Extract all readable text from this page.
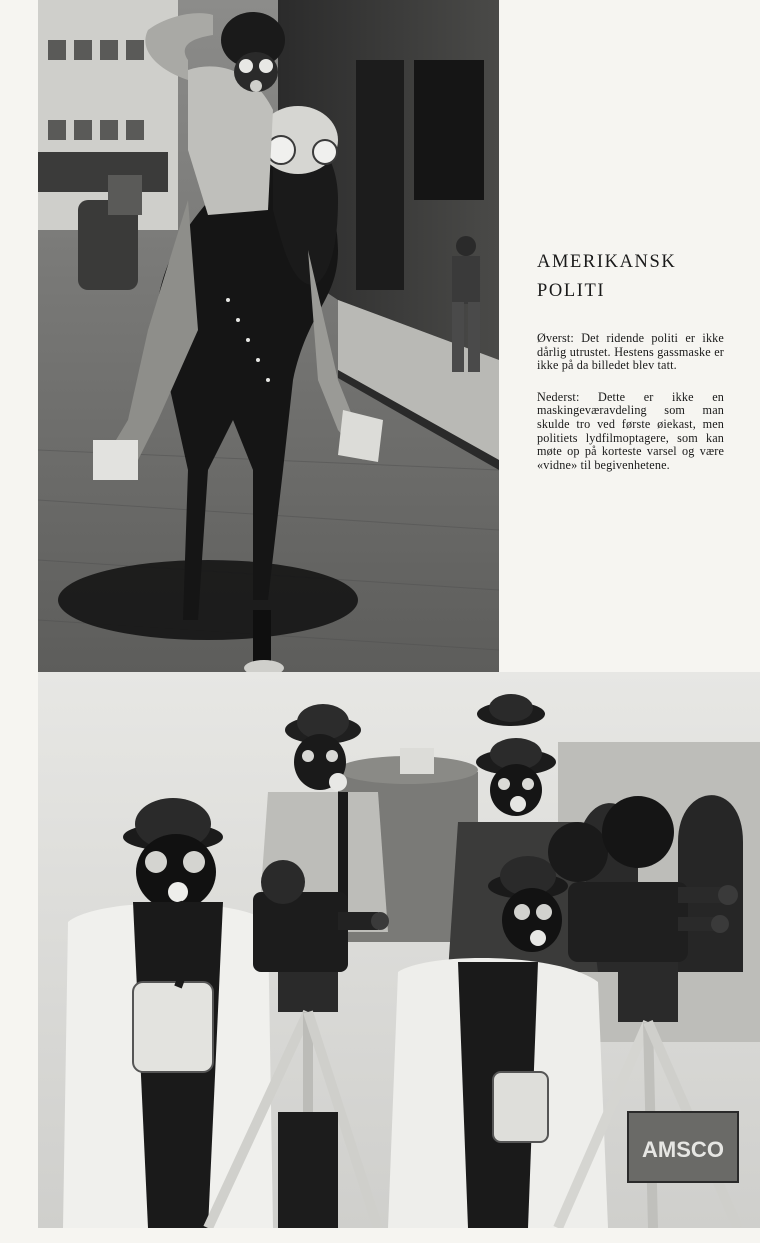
AMERIKANSK
POLITI

Øverst: Det ridende politi er ikke dårlig utrustet. Hestens gassmaske er ikke på da billedet blev tatt.

Nederst: Dette er ikke en maskingeværavdeling som man skulde tro ved første øiekast, men politiets lydfilmoptagere, som kan møte op på korteste varsel og være «vidne» til begivenhetene.

AMSCO
